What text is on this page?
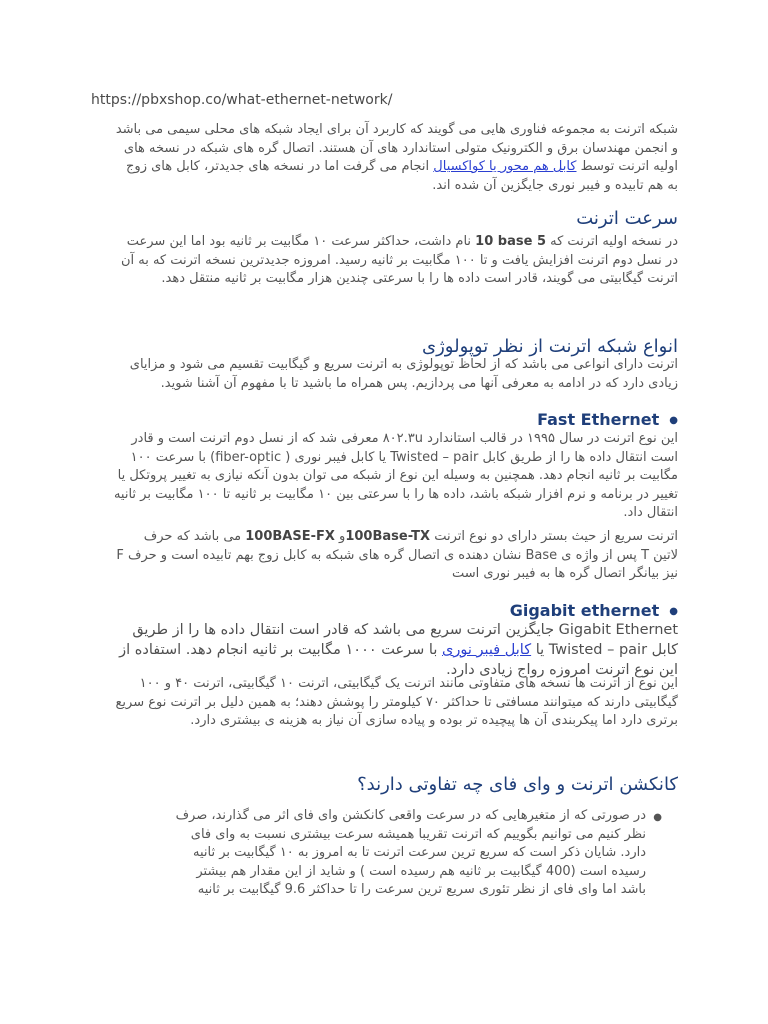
https://pbxshop.co/what-ethernet-network/

شبکه اترنت به مجموعه فناوری هایی می گویند که کاربرد آن برای ایجاد شبکه های محلی سیمی می باشد

و انجمن مهندسان برق و الکترونیک متولی استاندارد های آن هستند. اتصال گره های شبکه در نسخه های

اولیه اترنت توسط کابل هم محور یا کواکسیال انجام می گرفت اما در نسخه های جدیدتر، کابل های زوج

به هم تابیده و فیبر نوری جایگزین آن شده اند.

سرعت اترنت

در نسخه اولیه اترنت که 10 base 5 نام داشت، حداکثر سرعت ۱۰ مگابیت بر ثانیه بود اما این سرعت

در نسل دوم اترنت افزایش یافت و تا ۱۰۰ مگابیت بر ثانیه رسید. امروزه جدیدترین نسخه اترنت که به آن

اترنت گیگابیتی می گویند، قادر است داده ها را با سرعتی چندین هزار مگابیت بر ثانیه منتقل دهد.

انواع شبکه اترنت از نظر توپولوژی

اترنت دارای انواعی می باشد که از لحاظ توپولوژی به اترنت سریع و گیگابیت تقسیم می شود و مزایای

زیادی دارد که در ادامه به معرفی آنها می پردازیم. پس همراه ما باشید تا با مفهوم آن آشنا شوید.

Fast Ethernet ●

این نوع اترنت در سال ۱۹۹۵ در قالب استاندارد ۸۰۲.۳u معرفی شد که از نسل دوم اترنت است و قادر

است انتقال داده ها را از طریق کابل Twisted – pair یا کابل فیبر نوری ( fiber-optic) با سرعت ۱۰۰

مگابیت بر ثانیه انجام دهد. همچنین به وسیله این نوع از شبکه می توان بدون آنکه نیازی به تغییر پروتکل یا

تغییر در برنامه و نرم افزار شبکه باشد، داده ها را با سرعتی بین ۱۰ مگابیت بر ثانیه تا ۱۰۰ مگابیت بر ثانیه

انتقال داد.

اترنت سریع از حیث بستر دارای دو نوع اترنت 100Base-TXو 100BASE-FX می باشد که حرف

لاتین T پس از واژه ی Base نشان دهنده ی اتصال گره های شبکه به کابل زوج بهم تابیده است و حرف F

نیز بیانگر اتصال گره ها به فیبر نوری است

Gigabit ethernet ●

Gigabit Ethernet جایگزین اترنت سریع می باشد که قادر است انتقال داده ها را از طریق

کابل Twisted – pair یا کابل فیبر نوری با سرعت ۱۰۰۰ مگابیت بر ثانیه انجام دهد. استفاده از

این نوع اترنت امروزه رواج زیادی دارد.

این نوع از اترنت ها نسخه های متفاوتی مانند اترنت یک گیگابیتی، اترنت ۱۰ گیگابیتی، اترنت ۴۰ و ۱۰۰

گیگابیتی دارند که میتوانند مسافتی تا حداکثر ۷۰ کیلومتر را پوشش دهند؛ به همین دلیل بر اترنت نوع سریع

برتری دارد اما پیکربندی آن ها پیچیده تر بوده و پیاده سازی آن نیاز به هزینه ی بیشتری دارد.

کانکشن اترنت و وای فای چه تفاوتی دارند؟
●

در صورتی که از متغیرهایی که در سرعت واقعی کانکشن وای فای اثر می گذارند، صرف

نظر کنیم می توانیم بگوییم که اترنت تقریبا همیشه سرعت بیشتری نسبت به وای فای

دارد. شایان ذکر است که سریع ترین سرعت اترنت تا به امروز به ۱۰ گیگابیت بر ثانیه

رسیده است (400 گیگابیت بر ثانیه هم رسیده است ) و شاید از این مقدار هم بیشتر

باشد اما وای فای از نظر تئوری سریع ترین سرعت را تا حداکثر 9.6 گیگابیت بر ثانیه
